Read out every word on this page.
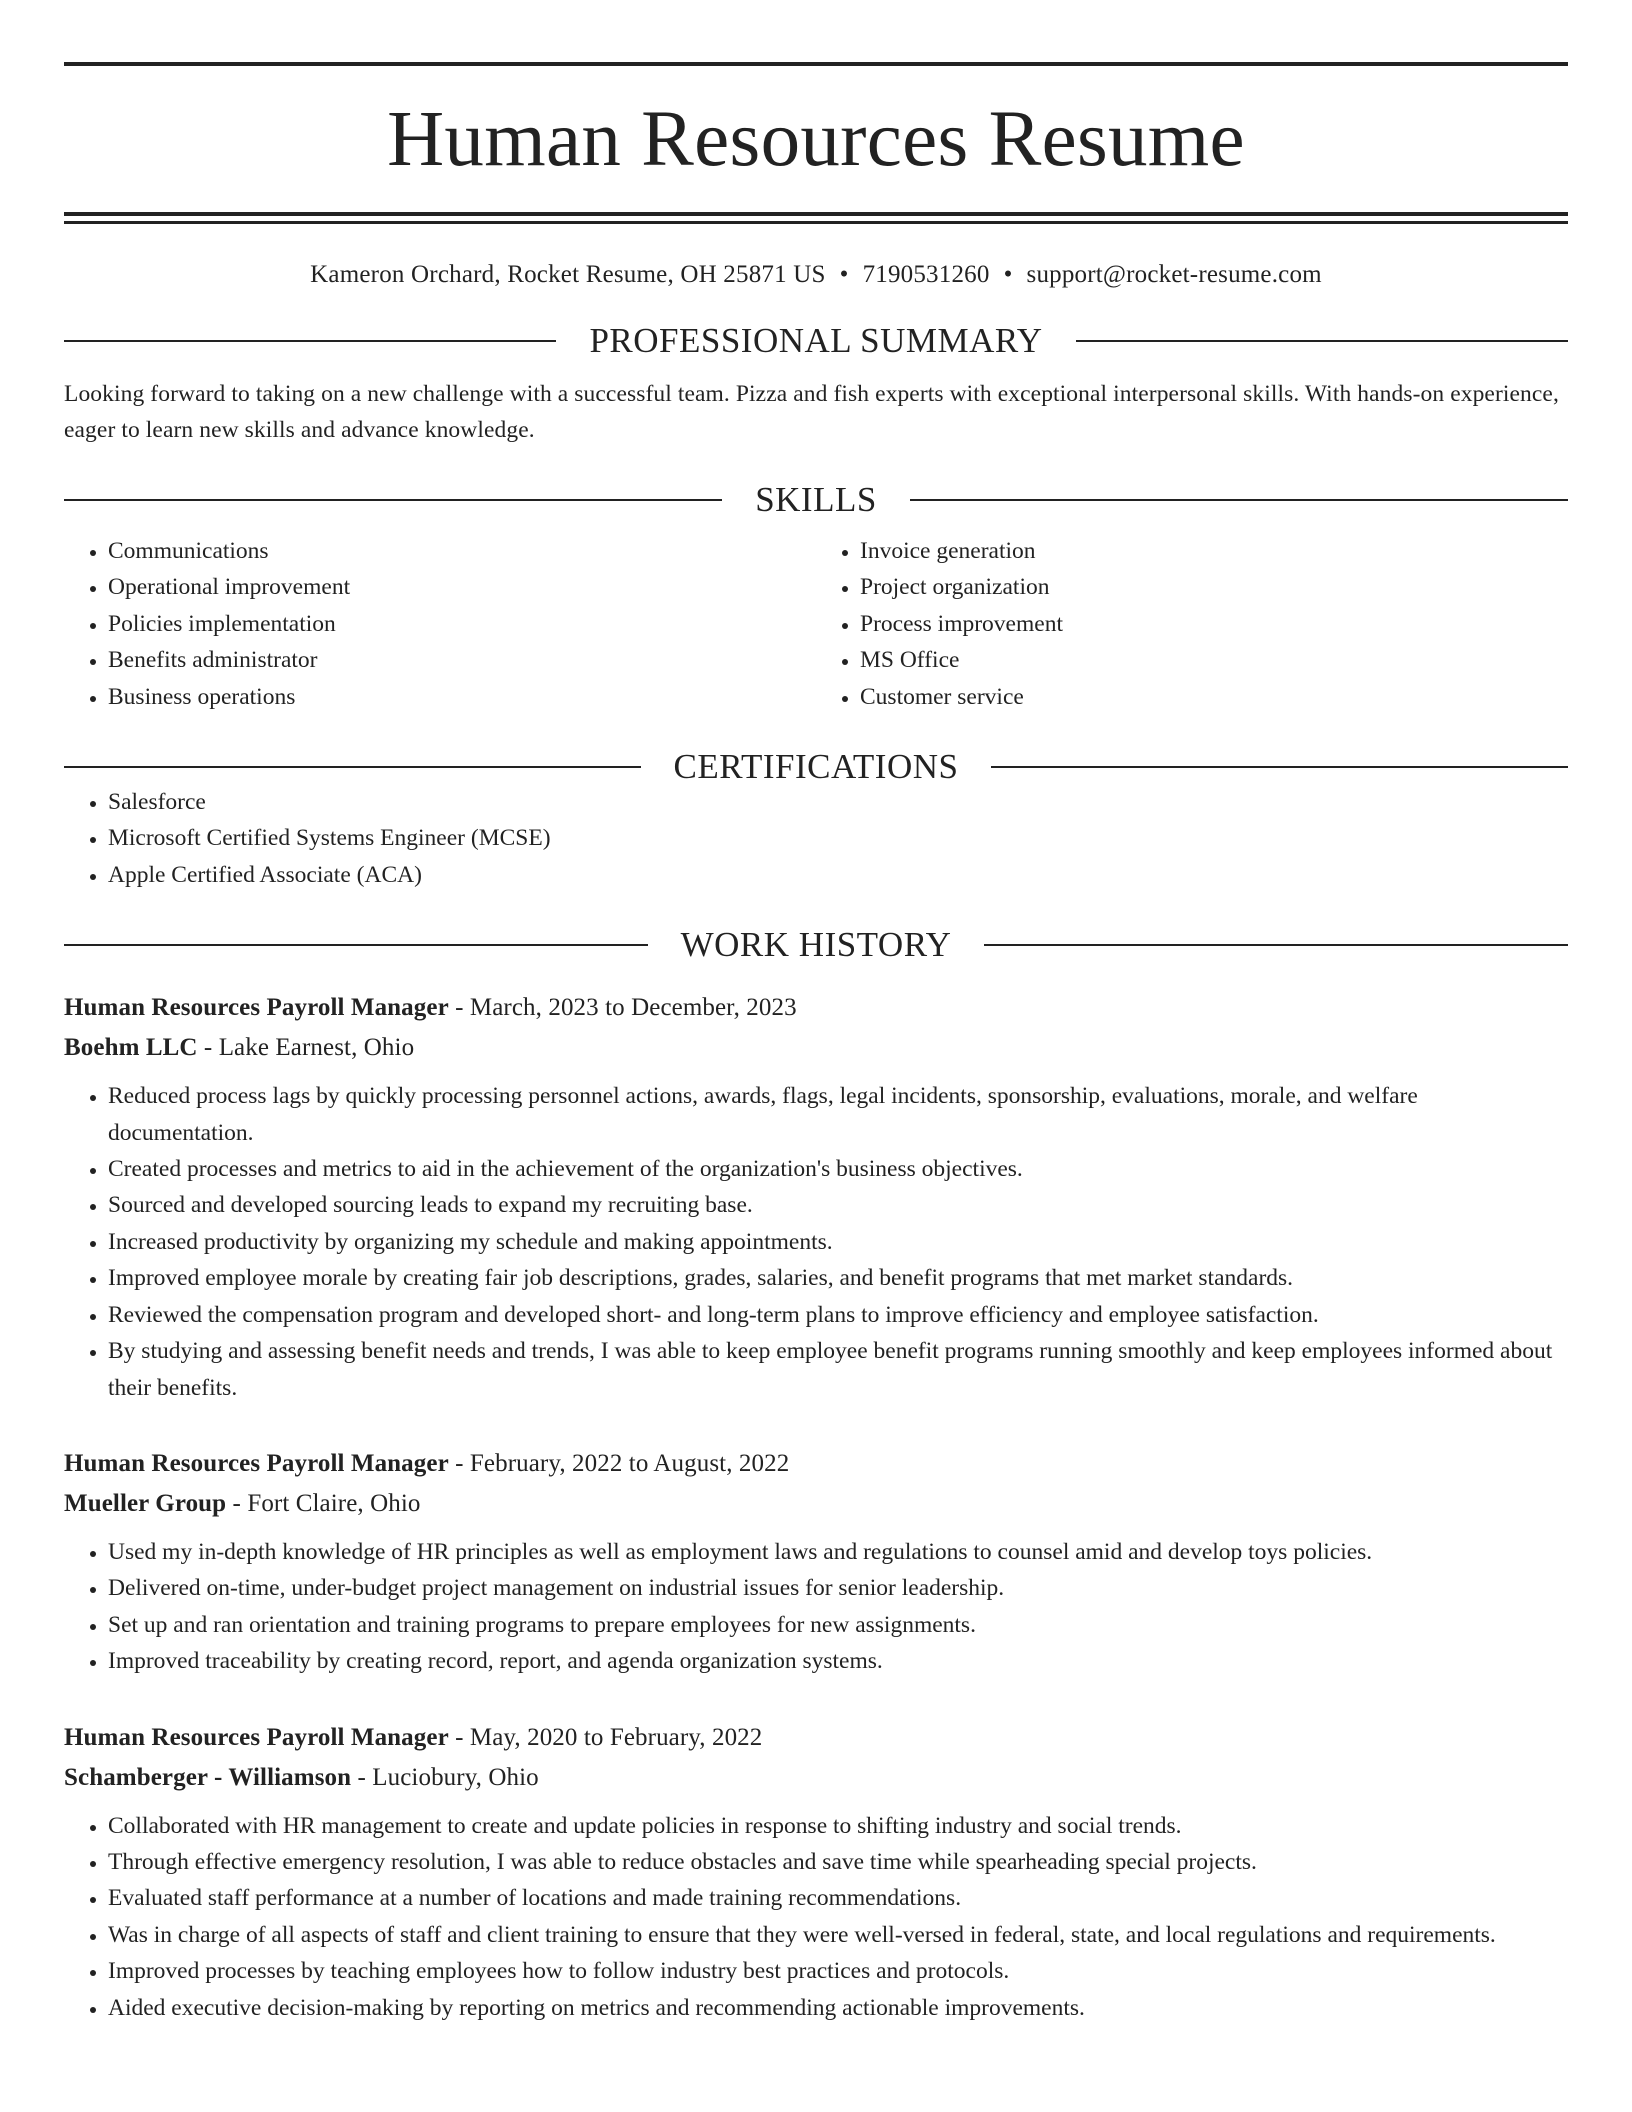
Human Resources Resume
Kameron Orchard, Rocket Resume, OH 25871 US • 7190531260 • support@rocket-resume.com
PROFESSIONAL SUMMARY

Looking forward to taking on a new challenge with a successful team. Pizza and fish experts with exceptional interpersonal skills. With hands-on experience, eager to learn new skills and advance knowledge.

SKILLS
• Communications
• Operational improvement
• Policies implementation
• Benefits administrator
• Business operations
• Invoice generation
• Project organization
• Process improvement
• MS Office
• Customer service
CERTIFICATIONS
• Salesforce
• Microsoft Certified Systems Engineer (MCSE)
• Apple Certified Associate (ACA)
WORK HISTORY
Human Resources Payroll Manager - March, 2023 to December, 2023
Boehm LLC - Lake Earnest, Ohio
• Reduced process lags by quickly processing personnel actions, awards, flags, legal incidents, sponsorship, evaluations, morale, and welfare documentation.
• Created processes and metrics to aid in the achievement of the organization's business objectives.
• Sourced and developed sourcing leads to expand my recruiting base.
• Increased productivity by organizing my schedule and making appointments.
• Improved employee morale by creating fair job descriptions, grades, salaries, and benefit programs that met market standards.
• Reviewed the compensation program and developed short- and long-term plans to improve efficiency and employee satisfaction.
• By studying and assessing benefit needs and trends, I was able to keep employee benefit programs running smoothly and keep employees informed about their benefits.
Human Resources Payroll Manager - February, 2022 to August, 2022
Mueller Group - Fort Claire, Ohio
• Used my in-depth knowledge of HR principles as well as employment laws and regulations to counsel amid and develop toys policies.
• Delivered on-time, under-budget project management on industrial issues for senior leadership.
• Set up and ran orientation and training programs to prepare employees for new assignments.
• Improved traceability by creating record, report, and agenda organization systems.
Human Resources Payroll Manager - May, 2020 to February, 2022
Schamberger - Williamson - Luciobury, Ohio
• Collaborated with HR management to create and update policies in response to shifting industry and social trends.
• Through effective emergency resolution, I was able to reduce obstacles and save time while spearheading special projects.
• Evaluated staff performance at a number of locations and made training recommendations.
• Was in charge of all aspects of staff and client training to ensure that they were well-versed in federal, state, and local regulations and requirements.
• Improved processes by teaching employees how to follow industry best practices and protocols.
• Aided executive decision-making by reporting on metrics and recommending actionable improvements.
